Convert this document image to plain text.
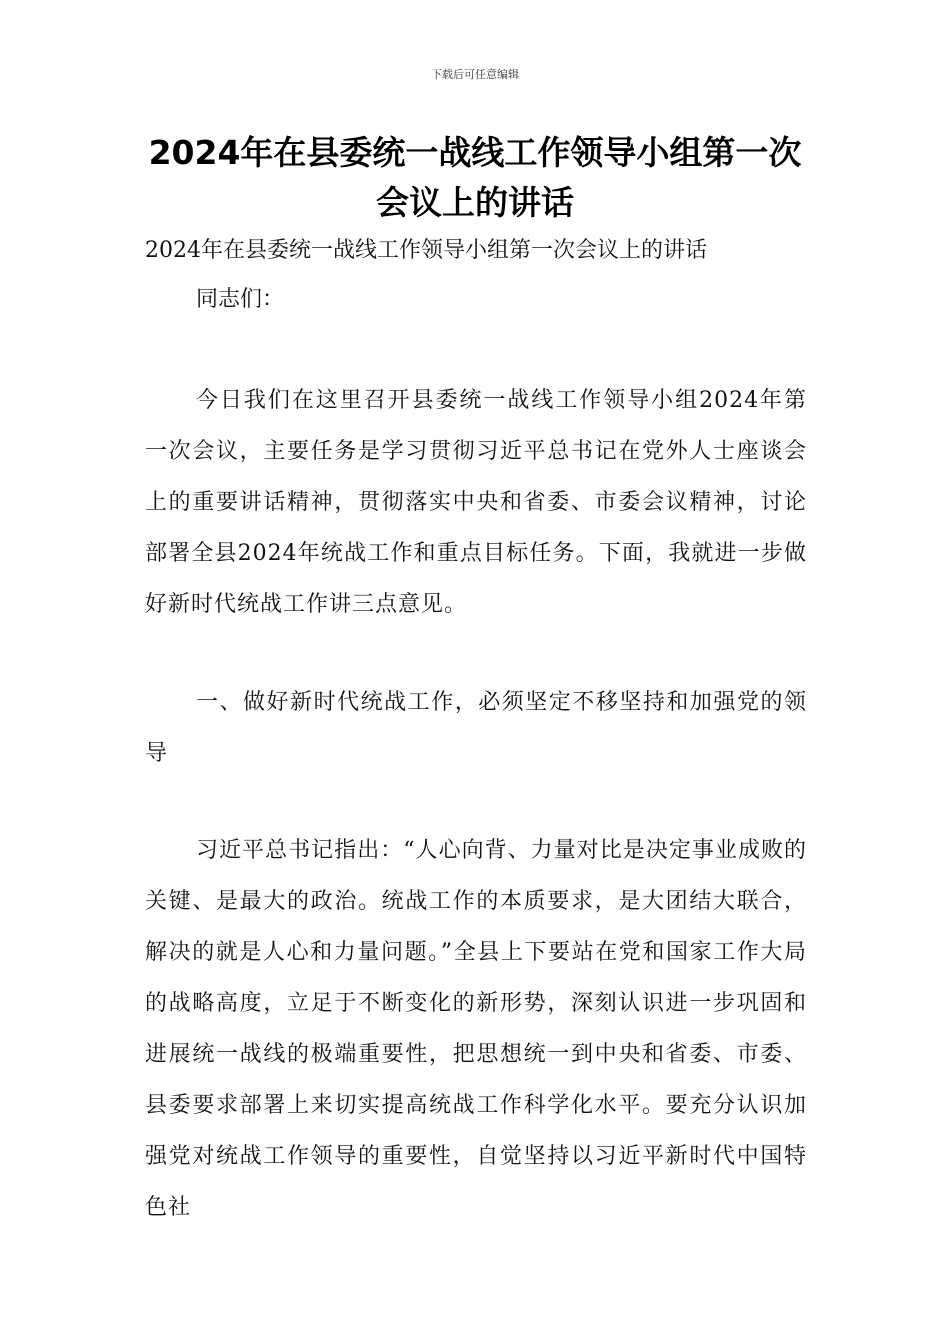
下载后可任意编辑
2024年在县委统一战线工作领导小组第一次会议上的讲话
2024年在县委统一战线工作领导小组第一次会议上的讲话
同志们：

今日我们在这里召开县委统一战线工作领导小组2024年第一次会议，主要任务是学习贯彻习近平总书记在党外人士座谈会上的重要讲话精神，贯彻落实中央和省委、市委会议精神，讨论部署全县2024年统战工作和重点目标任务。下面，我就进一步做好新时代统战工作讲三点意见。

一、做好新时代统战工作，必须坚定不移坚持和加强党的领导

习近平总书记指出：“人心向背、力量对比是决定事业成败的关键、是最大的政治。统战工作的本质要求，是大团结大联合，解决的就是人心和力量问题。”全县上下要站在党和国家工作大局的战略高度，立足于不断变化的新形势，深刻认识进一步巩固和进展统一战线的极端重要性，把思想统一到中央和省委、市委、县委要求部署上来切实提高统战工作科学化水平。要充分认识加强党对统战工作领导的重要性，自觉坚持以习近平新时代中国特色社
